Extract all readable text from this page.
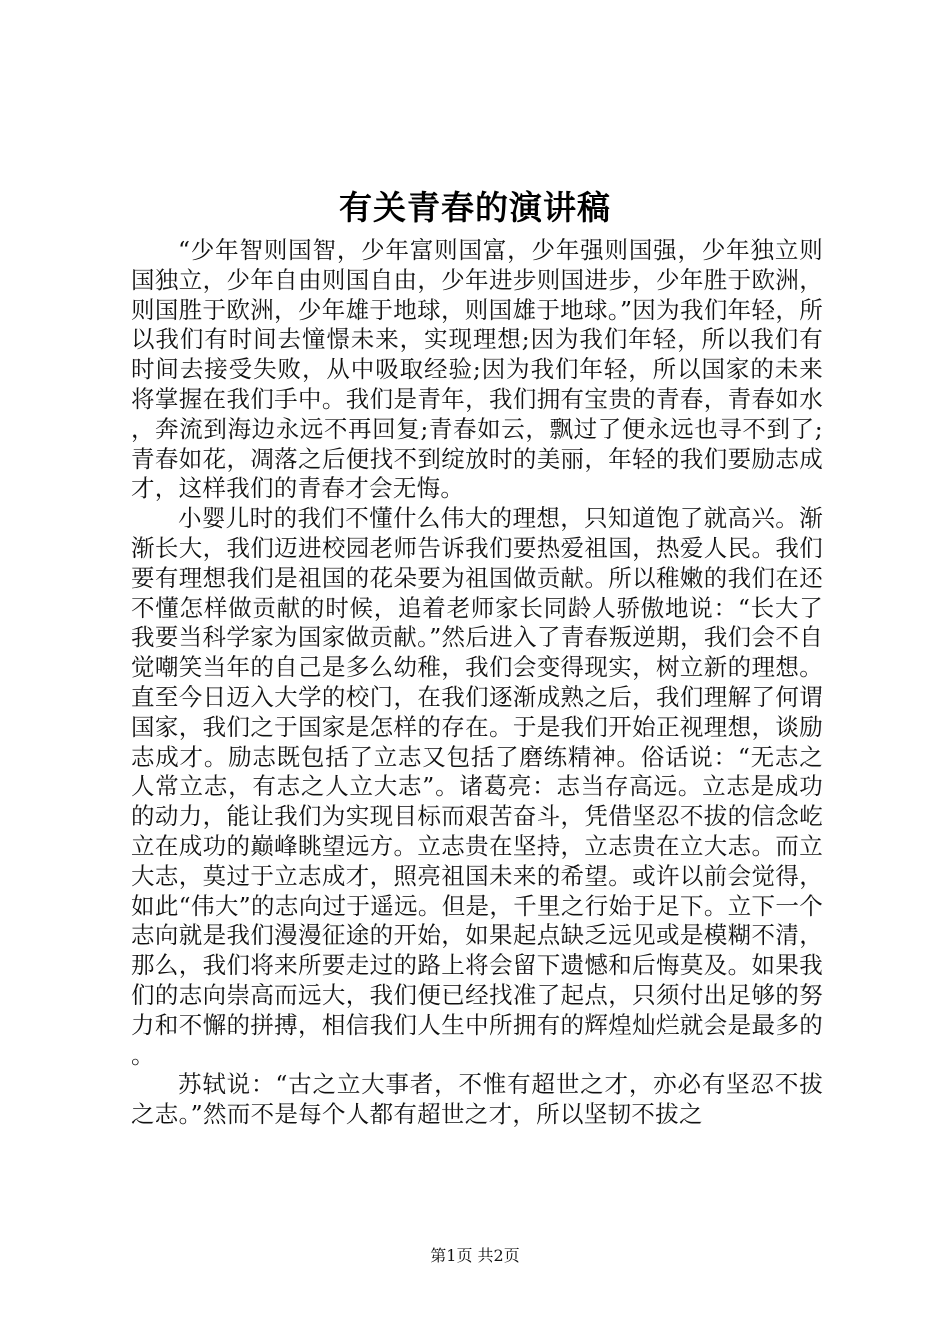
有关青春的演讲稿

“少年智则国智，少年富则国富，少年强则国强，少年独立则国独立，少年自由则国自由，少年进步则国进步，少年胜于欧洲，则国胜于欧洲，少年雄于地球，则国雄于地球。”因为我们年轻，所以我们有时间去憧憬未来，实现理想;因为我们年轻，所以我们有时间去接受失败，从中吸取经验;因为我们年轻，所以国家的未来将掌握在我们手中。我们是青年，我们拥有宝贵的青春，青春如水，奔流到海边永远不再回复;青春如云，飘过了便永远也寻不到了;青春如花，凋落之后便找不到绽放时的美丽，年轻的我们要励志成才，这样我们的青春才会无悔。

小婴儿时的我们不懂什么伟大的理想，只知道饱了就高兴。渐渐长大，我们迈进校园老师告诉我们要热爱祖国，热爱人民。我们要有理想我们是祖国的花朵要为祖国做贡献。所以稚嫩的我们在还不懂怎样做贡献的时候，追着老师家长同龄人骄傲地说：“长大了我要当科学家为国家做贡献。”然后进入了青春叛逆期，我们会不自觉嘲笑当年的自己是多么幼稚，我们会变得现实，树立新的理想。直至今日迈入大学的校门，在我们逐渐成熟之后，我们理解了何谓国家，我们之于国家是怎样的存在。于是我们开始正视理想，谈励志成才。励志既包括了立志又包括了磨练精神。俗话说：“无志之人常立志，有志之人立大志”。诸葛亮：志当存高远。立志是成功的动力，能让我们为实现目标而艰苦奋斗，凭借坚忍不拔的信念屹立在成功的巅峰眺望远方。立志贵在坚持，立志贵在立大志。而立大志，莫过于立志成才，照亮祖国未来的希望。或许以前会觉得，如此“伟大”的志向过于遥远。但是，千里之行始于足下。立下一个志向就是我们漫漫征途的开始，如果起点缺乏远见或是模糊不清，那么，我们将来所要走过的路上将会留下遗憾和后悔莫及。如果我们的志向崇高而远大，我们便已经找准了起点，只须付出足够的努力和不懈的拼搏，相信我们人生中所拥有的辉煌灿烂就会是最多的。

苏轼说：“古之立大事者，不惟有超世之才，亦必有坚忍不拔之志。”然而不是每个人都有超世之才，所以坚韧不拔之

第1页 共2页
